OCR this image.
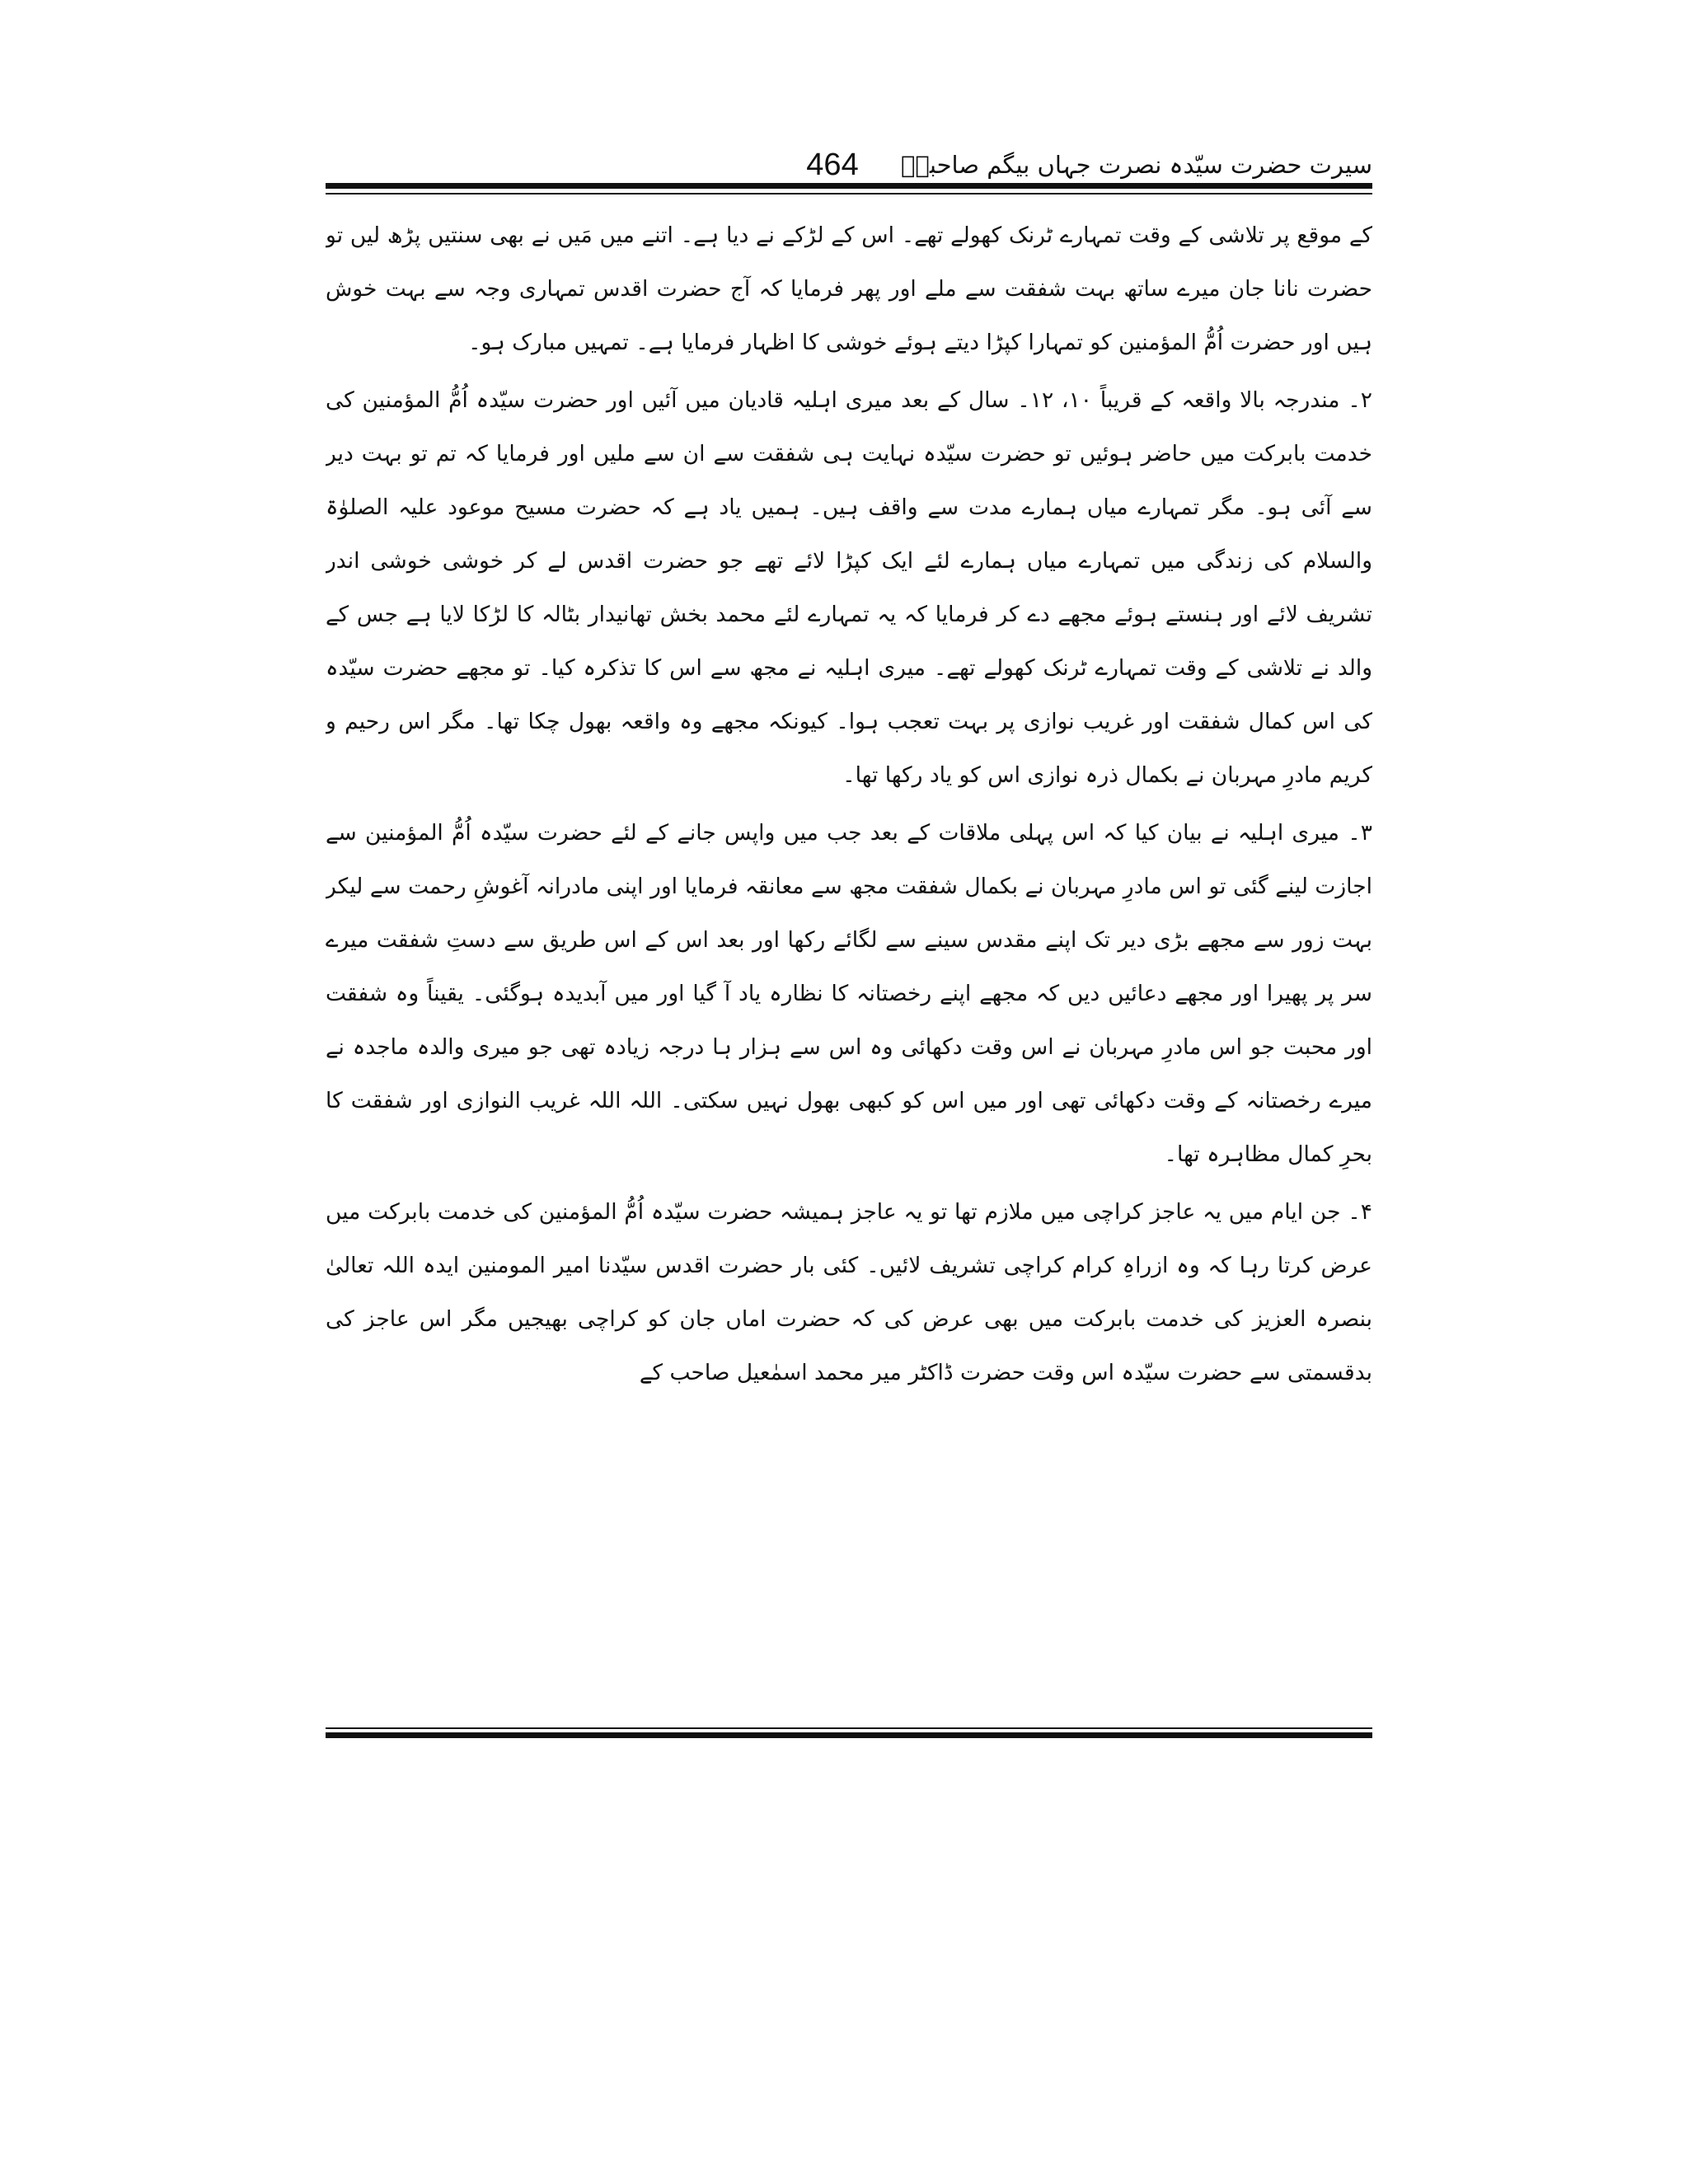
464	سیرت حضرت سیّدہ نصرت جہاں بیگم صاحبہؓ

کے موقع پر تلاشی کے وقت تمہارے ٹرنک کھولے تھے۔ اس کے لڑکے نے دیا ہے۔ اتنے میں مَیں نے بھی سنتیں پڑھ لیں تو حضرت نانا جان میرے ساتھ بہت شفقت سے ملے اور پھر فرمایا کہ آج حضرت اقدس تمہاری وجہ سے بہت خوش ہیں اور حضرت اُمُّ المؤمنین کو تمہارا کپڑا دیتے ہوئے خوشی کا اظہار فرمایا ہے۔ تمہیں مبارک ہو۔

۲۔ مندرجہ بالا واقعہ کے قریباً ۱۰، ۱۲۔ سال کے بعد میری اہلیہ قادیان میں آئیں اور حضرت سیّدہ اُمُّ المؤمنین کی خدمت بابرکت میں حاضر ہوئیں تو حضرت سیّدہ نہایت ہی شفقت سے ان سے ملیں اور فرمایا کہ تم تو بہت دیر سے آئی ہو۔ مگر تمہارے میاں ہمارے مدت سے واقف ہیں۔ ہمیں یاد ہے کہ حضرت مسیح موعود علیہ الصلوٰۃ والسلام کی زندگی میں تمہارے میاں ہمارے لئے ایک کپڑا لائے تھے جو حضرت اقدس لے کر خوشی خوشی اندر تشریف لائے اور ہنستے ہوئے مجھے دے کر فرمایا کہ یہ تمہارے لئے محمد بخش تھانیدار بٹالہ کا لڑکا لایا ہے جس کے والد نے تلاشی کے وقت تمہارے ٹرنک کھولے تھے۔ میری اہلیہ نے مجھ سے اس کا تذکرہ کیا۔ تو مجھے حضرت سیّدہ کی اس کمال شفقت اور غریب نوازی پر بہت تعجب ہوا۔ کیونکہ مجھے وہ واقعہ بھول چکا تھا۔ مگر اس رحیم و کریم مادرِ مہربان نے بکمال ذرہ نوازی اس کو یاد رکھا تھا۔

۳۔ میری اہلیہ نے بیان کیا کہ اس پہلی ملاقات کے بعد جب میں واپس جانے کے لئے حضرت سیّدہ اُمُّ المؤمنین سے اجازت لینے گئی تو اس مادرِ مہربان نے بکمال شفقت مجھ سے معانقہ فرمایا اور اپنی مادرانہ آغوشِ رحمت سے لیکر بہت زور سے مجھے بڑی دیر تک اپنے مقدس سینے سے لگائے رکھا اور بعد اس کے اس طریق سے دستِ شفقت میرے سر پر پھیرا اور مجھے دعائیں دیں کہ مجھے اپنے رخصتانہ کا نظارہ یاد آ گیا اور میں آبدیدہ ہوگئی۔ یقیناً وہ شفقت اور محبت جو اس مادرِ مہربان نے اس وقت دکھائی وہ اس سے ہزار ہا درجہ زیادہ تھی جو میری والدہ ماجدہ نے میرے رخصتانہ کے وقت دکھائی تھی اور میں اس کو کبھی بھول نہیں سکتی۔ اللہ اللہ غریب النوازی اور شفقت کا بحرِ کمال مظاہرہ تھا۔

۴۔ جن ایام میں یہ عاجز کراچی میں ملازم تھا تو یہ عاجز ہمیشہ حضرت سیّدہ اُمُّ المؤمنین کی خدمت بابرکت میں عرض کرتا رہا کہ وہ ازراہِ کرام کراچی تشریف لائیں۔ کئی بار حضرت اقدس سیّدنا امیر المومنین ایدہ اللہ تعالیٰ بنصرہ العزیز کی خدمت بابرکت میں بھی عرض کی کہ حضرت اماں جان کو کراچی بھیجیں مگر اس عاجز کی بدقسمتی سے حضرت سیّدہ اس وقت حضرت ڈاکٹر میر محمد اسمٰعیل صاحب کے
